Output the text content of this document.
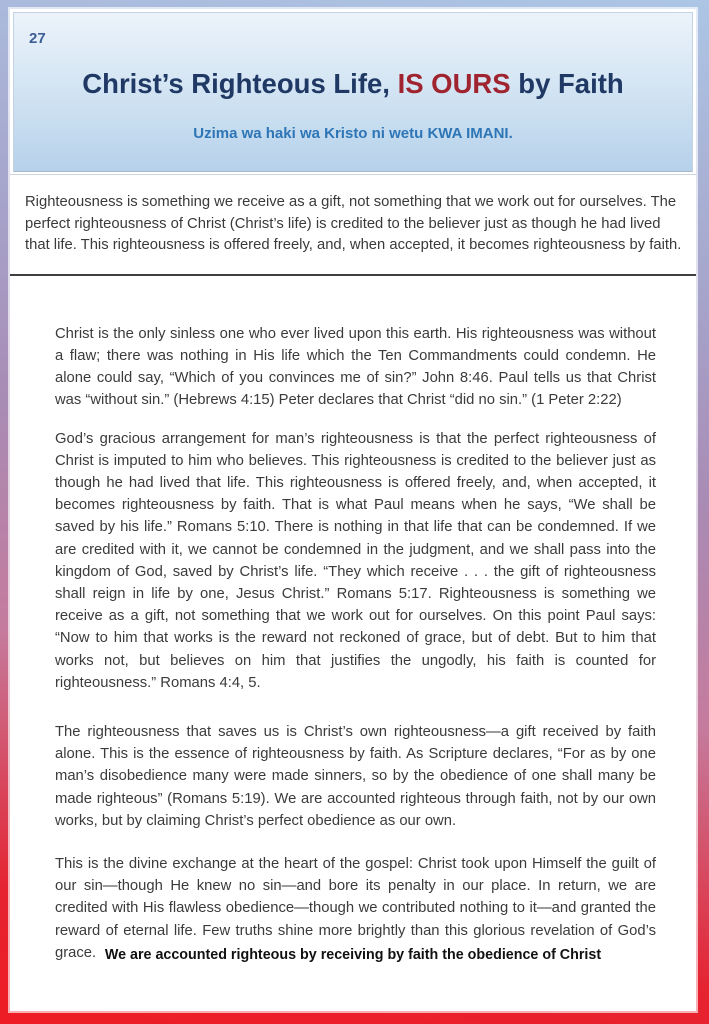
27
Christ’s Righteous Life, IS OURS by Faith
Uzima wa haki wa Kristo ni wetu KWA IMANI.

Righteousness is something we receive as a gift, not something that we work out for ourselves. The perfect righteousness of Christ (Christ’s life) is credited to the believer just as though he had lived that life. This righteousness is offered freely, and, when accepted, it becomes righteousness by faith.

Christ is the only sinless one who ever lived upon this earth. His righteousness was without a flaw; there was nothing in His life which the Ten Commandments could condemn. He alone could say, “Which of you convinces me of sin?” John 8:46. Paul tells us that Christ was “without sin.” (Hebrews 4:15) Peter declares that Christ “did no sin.” (1 Peter 2:22)

God’s gracious arrangement for man’s righteousness is that the perfect righteousness of Christ is imputed to him who believes. This righteousness is credited to the believer just as though he had lived that life. This righteousness is offered freely, and, when accepted, it becomes righteousness by faith. That is what Paul means when he says, “We shall be saved by his life.” Romans 5:10. There is nothing in that life that can be condemned. If we are credited with it, we cannot be condemned in the judgment, and we shall pass into the kingdom of God, saved by Christ’s life. “They which receive . . . the gift of righteousness shall reign in life by one, Jesus Christ.” Romans 5:17. Righteousness is something we receive as a gift, not something that we work out for ourselves. On this point Paul says: “Now to him that works is the reward not reckoned of grace, but of debt. But to him that works not, but believes on him that justifies the ungodly, his faith is counted for righteousness.” Romans 4:4, 5.

The righteousness that saves us is Christ’s own righteousness—a gift received by faith alone. This is the essence of righteousness by faith. As Scripture declares, “For as by one man’s disobedience many were made sinners, so by the obedience of one shall many be made righteous” (Romans 5:19). We are accounted righteous through faith, not by our own works, but by claiming Christ’s perfect obedience as our own.

This is the divine exchange at the heart of the gospel: Christ took upon Himself the guilt of our sin—though He knew no sin—and bore its penalty in our place. In return, we are credited with His flawless obedience—though we contributed nothing to it—and granted the reward of eternal life. Few truths shine more brightly than this glorious revelation of God’s grace. We are accounted righteous by receiving by faith the obedience of Christ
